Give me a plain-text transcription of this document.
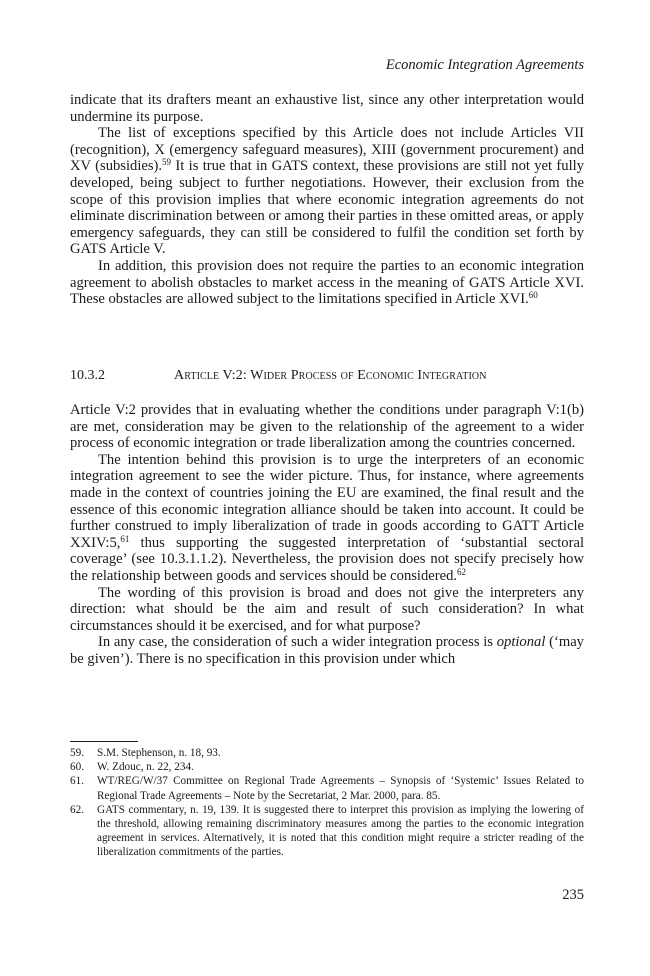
Economic Integration Agreements

indicate that its drafters meant an exhaustive list, since any other interpretation would undermine its purpose.

The list of exceptions specified by this Article does not include Articles VII (recognition), X (emergency safeguard measures), XIII (government procurement) and XV (subsidies).$^{59}$ It is true that in GATS context, these provisions are still not yet fully developed, being subject to further negotiations. However, their exclusion from the scope of this provision implies that where economic integration agreements do not eliminate discrimination between or among their parties in these omitted areas, or apply emergency safeguards, they can still be considered to fulfil the condition set forth by GATS Article V.

In addition, this provision does not require the parties to an economic integration agreement to abolish obstacles to market access in the meaning of GATS Article XVI. These obstacles are allowed subject to the limitations specified in Article XVI.$^{60}$

10.3.2	Article V:2: Wider Process of Economic Integration

Article V:2 provides that in evaluating whether the conditions under paragraph V:1(b) are met, consideration may be given to the relationship of the agreement to a wider process of economic integration or trade liberalization among the countries concerned.

The intention behind this provision is to urge the interpreters of an economic integration agreement to see the wider picture. Thus, for instance, where agreements made in the context of countries joining the EU are examined, the final result and the essence of this economic integration alliance should be taken into account. It could be further construed to imply liberalization of trade in goods according to GATT Article XXIV:5,61 thus supporting the suggested interpretation of ‘substantial sectoral coverage’ (see 10.3.1.1.2). Nevertheless, the provision does not specify precisely how the relationship between goods and services should be considered.$^{62}$

The wording of this provision is broad and does not give the interpreters any direction: what should be the aim and result of such consideration? In what circumstances should it be exercised, and for what purpose?

In any case, the consideration of such a wider integration process is optional (‘may be given’). There is no specification in this provision under which

59.	S.M. Stephenson, n. 18, 93.
60.	W. Zdouc, n. 22, 234.
61.	WT/REG/W/37 Committee on Regional Trade Agreements – Synopsis of ‘Systemic’ Issues Related to Regional Trade Agreements – Note by the Secretariat, 2 Mar. 2000, para. 85.
62.	GATS commentary, n. 19, 139. It is suggested there to interpret this provision as implying the lowering of the threshold, allowing remaining discriminatory measures among the parties to the economic integration agreement in services. Alternatively, it is noted that this condition might require a stricter reading of the liberalization commitments of the parties.
235
